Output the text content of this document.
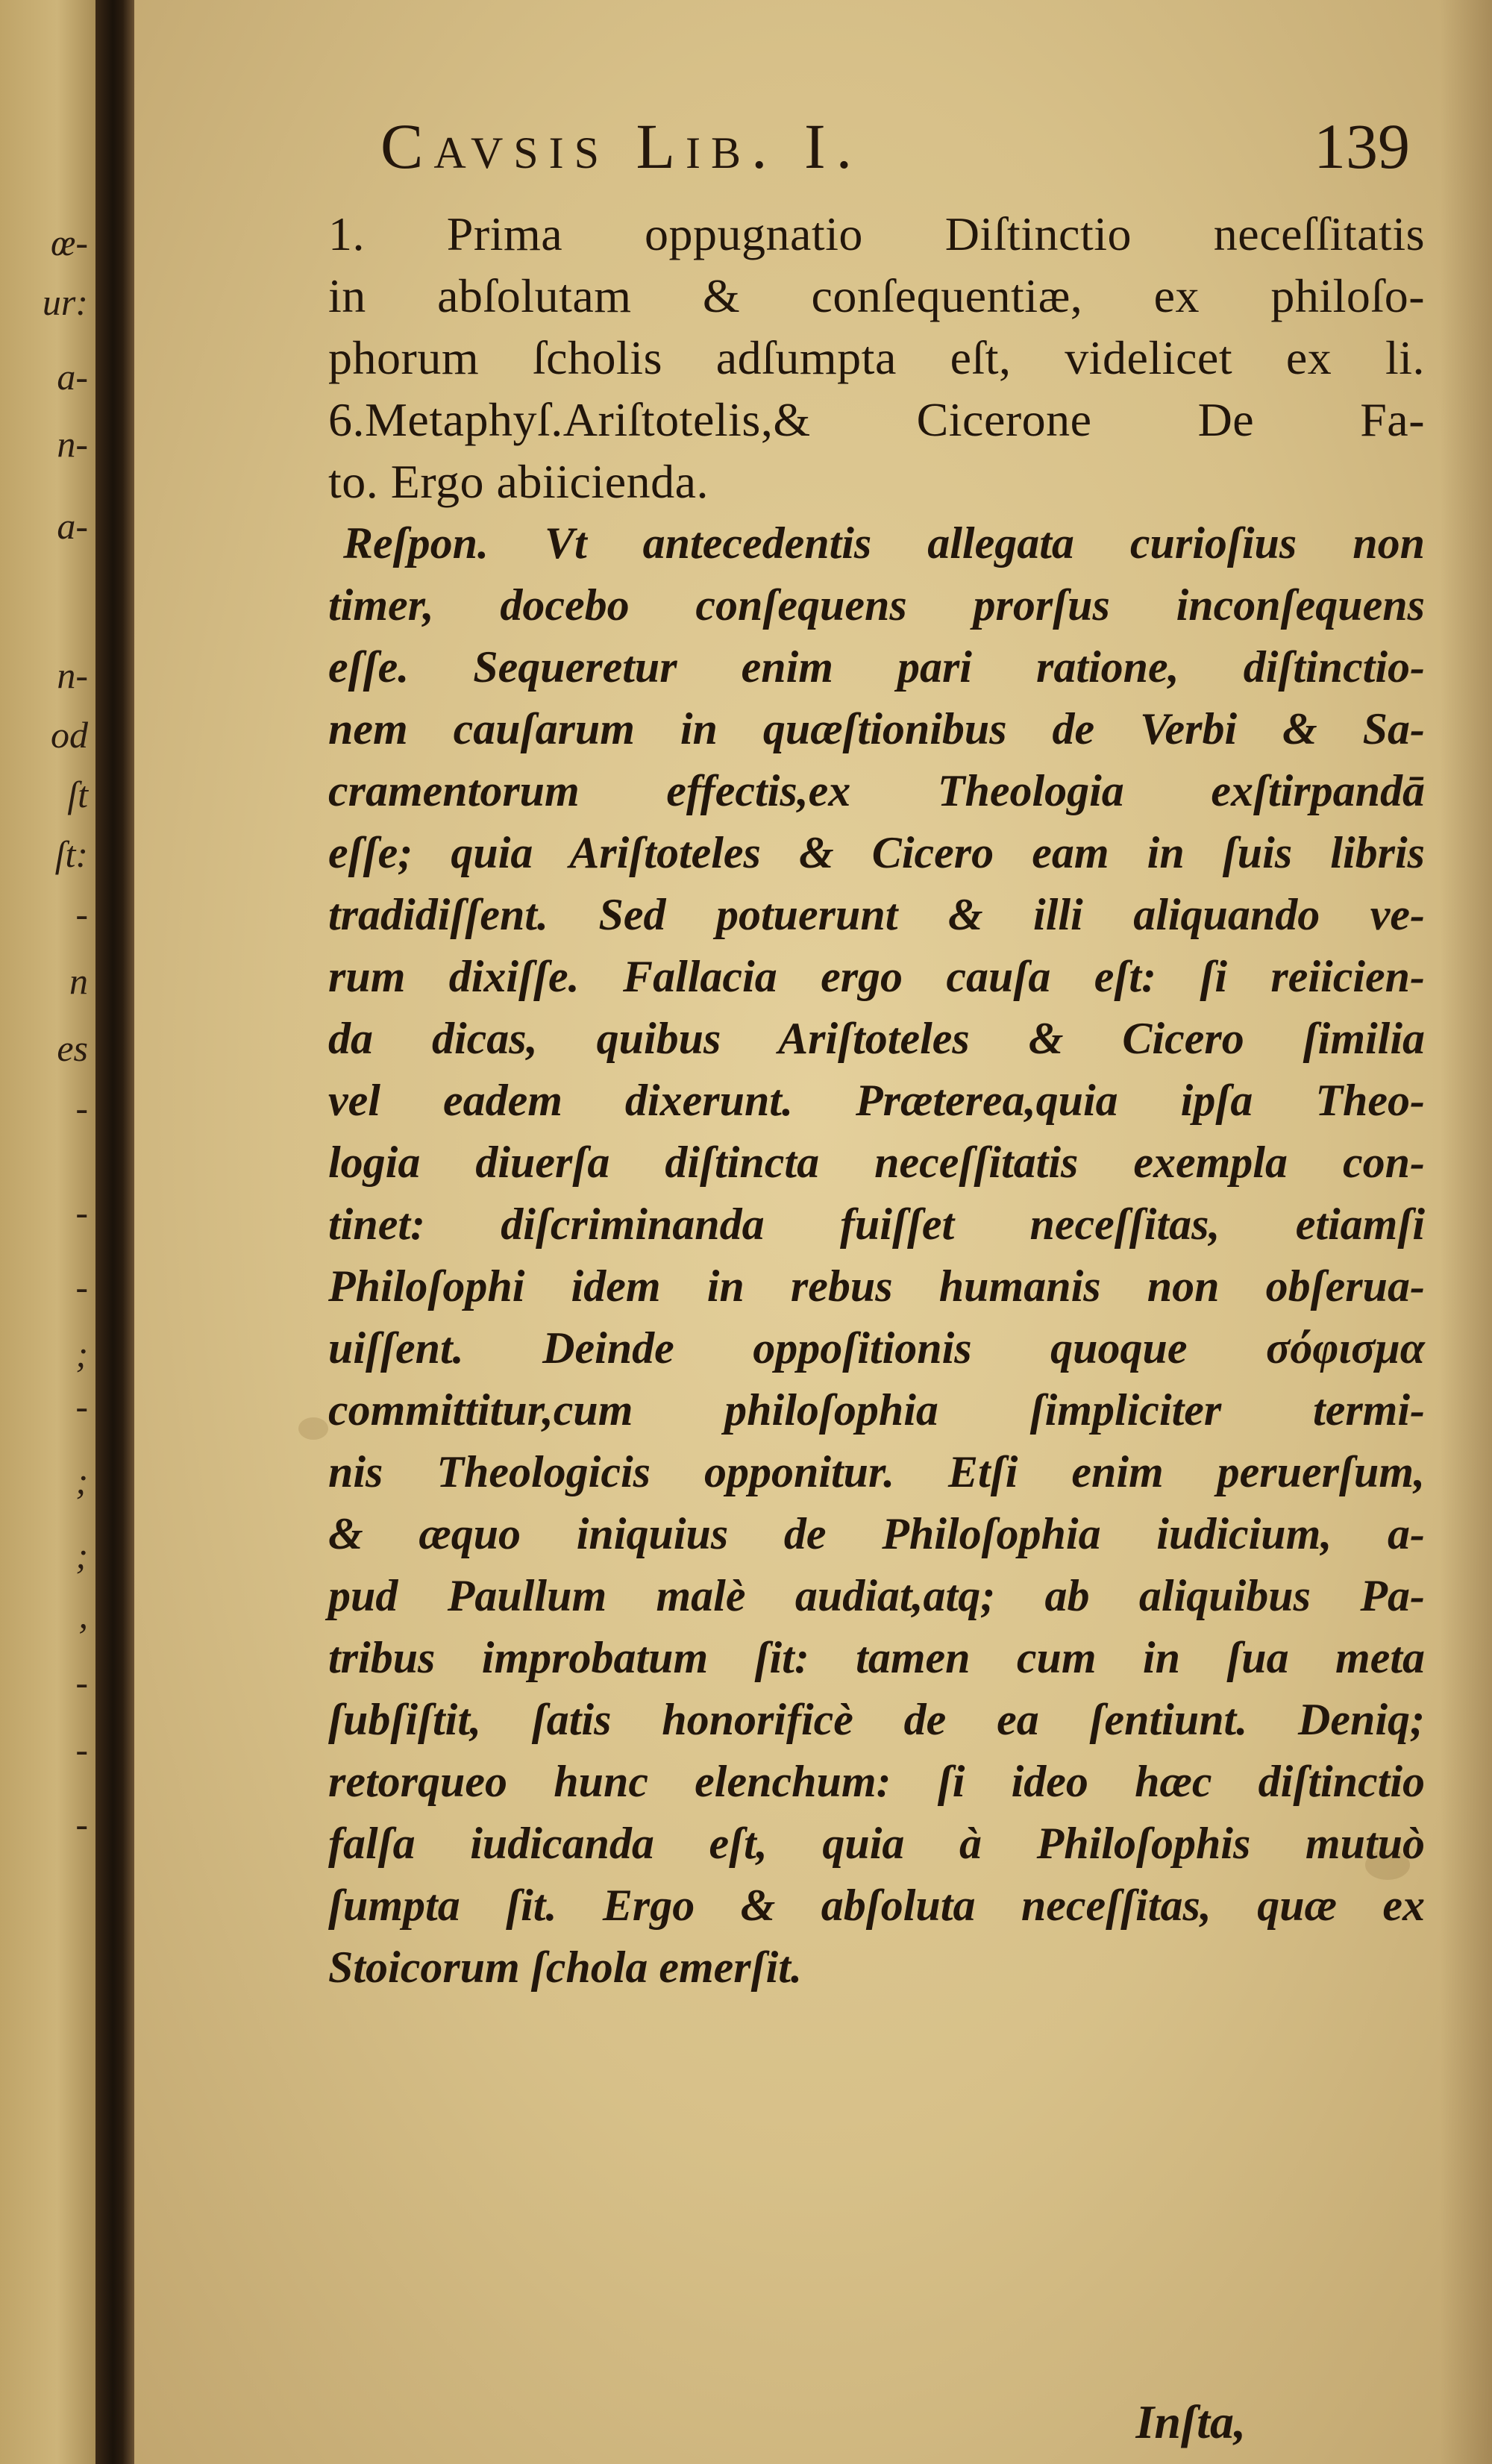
œ-
ur:
a-
n-
a-
n-
od
ſt
ſt:
-
n
es
-
-
-
;
-
;
;
,
-
-
-
Cavsis Lib. I.	139
1. Prima oppugnatio Diſtinctio neceſſitatis
in abſolutam & conſequentiæ, ex philoſo-
phorum ſcholis adſumpta eſt, videlicet ex li.
6.Metaphyſ.Ariſtotelis,& Cicerone De Fa-
to. Ergo abiicienda.
Reſpon. Vt antecedentis allegata curioſius non
timer, docebo conſequens prorſus inconſequens
eſſe. Sequeretur enim pari ratione, diſtinctio-
nem cauſarum in quæſtionibus de Verbi & Sa-
cramentorum effectis,ex Theologia exſtirpandā
eſſe; quia Ariſtoteles & Cicero eam in ſuis libris
tradidiſſent. Sed potuerunt & illi aliquando ve-
rum dixiſſe. Fallacia ergo cauſa eſt: ſi reiicien-
da dicas, quibus Ariſtoteles & Cicero ſimilia
vel eadem dixerunt. Præterea,quia ipſa Theo-
logia diuerſa diſtincta neceſſitatis exempla con-
tinet: diſcriminanda fuiſſet neceſſitas, etiamſi
Philoſophi idem in rebus humanis non obſerua-
uiſſent. Deinde oppoſitionis quoque σόφισμα
committitur,cum philoſophia ſimpliciter termi-
nis Theologicis opponitur. Etſi enim peruerſum,
& æquo iniquius de Philoſophia iudicium, a-
pud Paullum malè audiat,atq; ab aliquibus Pa-
tribus improbatum ſit: tamen cum in ſua meta
ſubſiſtit, ſatis honorificè de ea ſentiunt. Deniq;
retorqueo hunc elenchum: ſi ideo hæc diſtinctio
falſa iudicanda eſt, quia à Philoſophis mutuò
ſumpta ſit. Ergo & abſoluta neceſſitas, quæ ex
Stoicorum ſchola emerſit.
Inſta,
